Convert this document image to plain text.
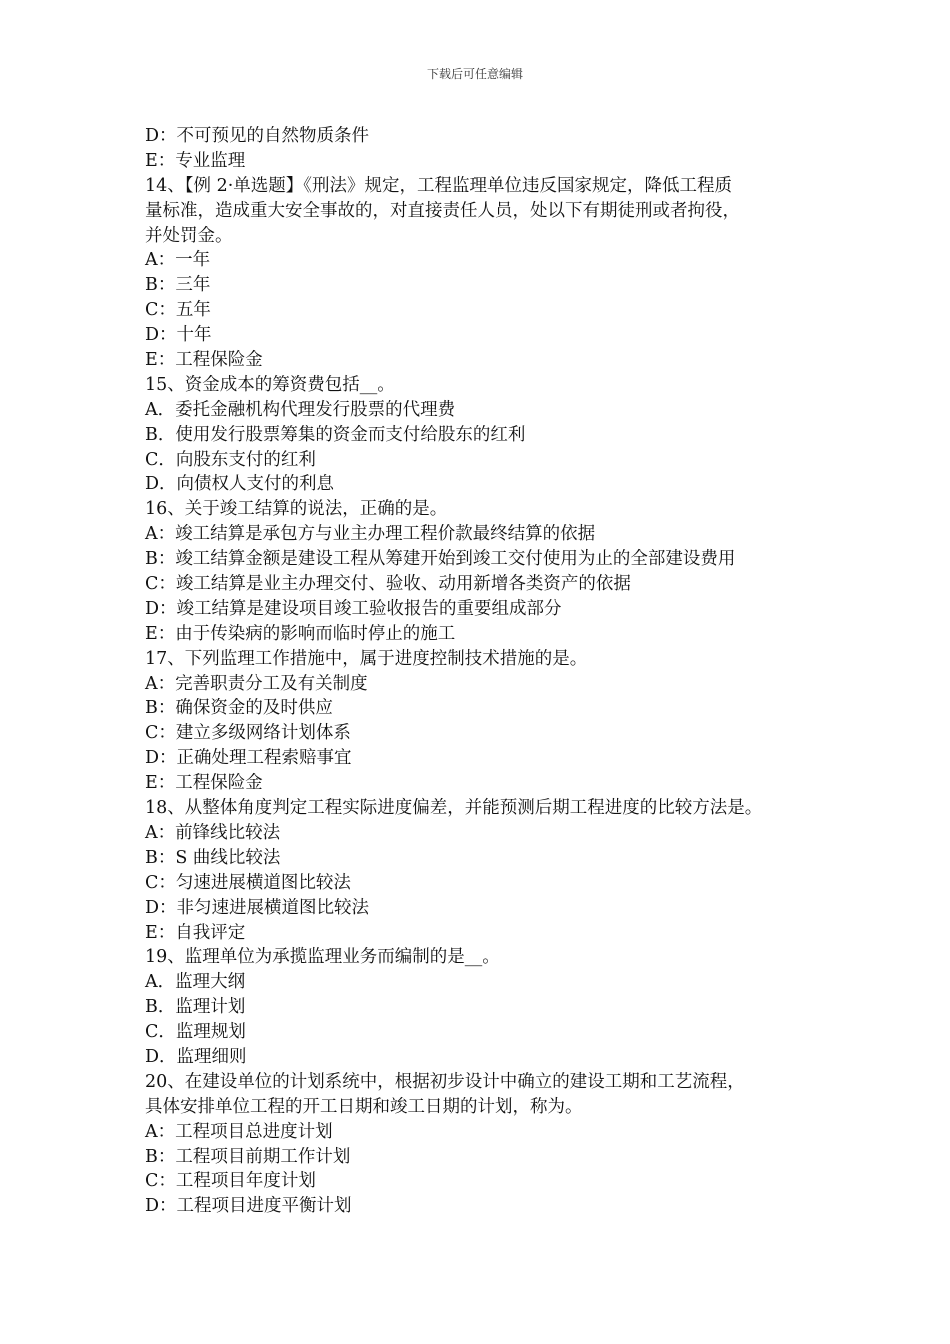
下载后可任意编辑
D：不可预见的自然物质条件
E：专业监理
14、【例 2·单选题】《刑法》规定，工程监理单位违反国家规定，降低工程质
量标准，造成重大安全事故的，对直接责任人员，处以下有期徒刑或者拘役，
并处罚金。
A：一年
B：三年
C：五年
D：十年
E：工程保险金
15、资金成本的筹资费包括__。
A．委托金融机构代理发行股票的代理费
B．使用发行股票筹集的资金而支付给股东的红利
C．向股东支付的红利
D．向债权人支付的利息
16、关于竣工结算的说法，正确的是。
A：竣工结算是承包方与业主办理工程价款最终结算的依据
B：竣工结算金额是建设工程从筹建开始到竣工交付使用为止的全部建设费用
C：竣工结算是业主办理交付、验收、动用新增各类资产的依据
D：竣工结算是建设项目竣工验收报告的重要组成部分
E：由于传染病的影响而临时停止的施工
17、下列监理工作措施中，属于进度控制技术措施的是。
A：完善职责分工及有关制度
B：确保资金的及时供应
C：建立多级网络计划体系
D：正确处理工程索赔事宜
E：工程保险金
18、从整体角度判定工程实际进度偏差，并能预测后期工程进度的比较方法是。
A：前锋线比较法
B：S 曲线比较法
C：匀速进展横道图比较法
D：非匀速进展横道图比较法
E：自我评定
19、监理单位为承揽监理业务而编制的是__。
A．监理大纲
B．监理计划
C．监理规划
D．监理细则
20、在建设单位的计划系统中，根据初步设计中确立的建设工期和工艺流程，
具体安排单位工程的开工日期和竣工日期的计划，称为。
A：工程项目总进度计划
B：工程项目前期工作计划
C：工程项目年度计划
D：工程项目进度平衡计划
